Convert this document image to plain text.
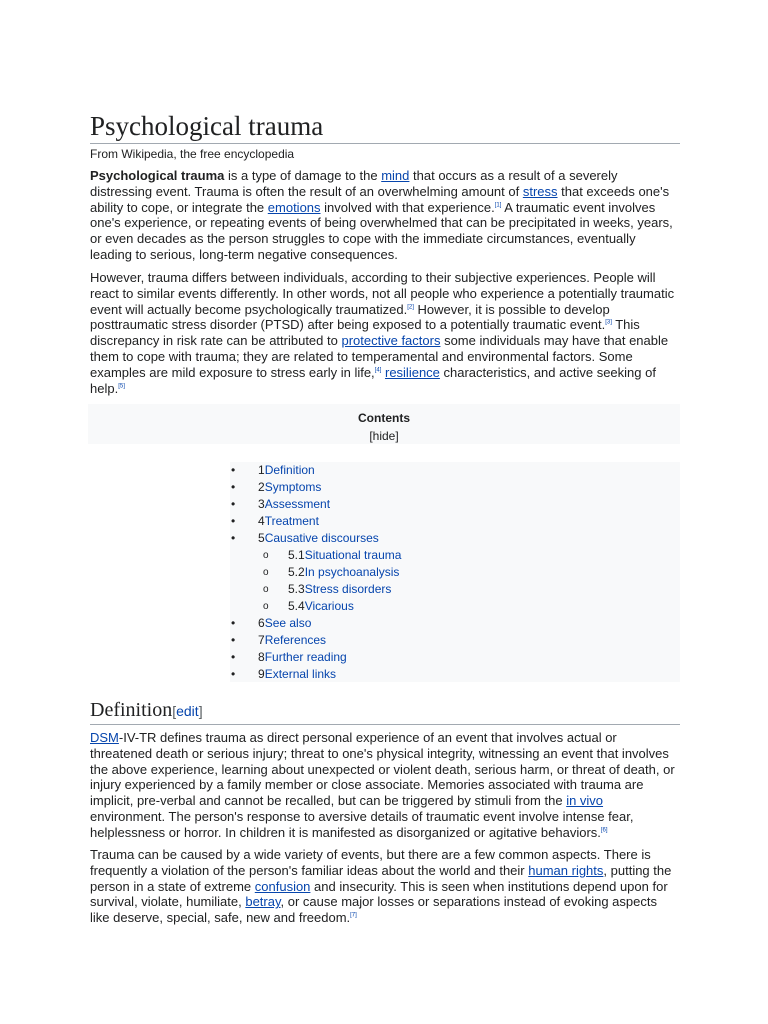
Psychological trauma
From Wikipedia, the free encyclopedia

Psychological trauma is a type of damage to the mind that occurs as a result of a severely distressing event. Trauma is often the result of an overwhelming amount of stress that exceeds one's ability to cope, or integrate the emotions involved with that experience.[1] A traumatic event involves one's experience, or repeating events of being overwhelmed that can be precipitated in weeks, years, or even decades as the person struggles to cope with the immediate circumstances, eventually leading to serious, long-term negative consequences.

However, trauma differs between individuals, according to their subjective experiences. People will react to similar events differently. In other words, not all people who experience a potentially traumatic event will actually become psychologically traumatized.[2] However, it is possible to develop posttraumatic stress disorder (PTSD) after being exposed to a potentially traumatic event.[3] This discrepancy in risk rate can be attributed to protective factors some individuals may have that enable them to cope with trauma; they are related to temperamental and environmental factors. Some examples are mild exposure to stress early in life,[4] resilience characteristics, and active seeking of help.[5]

Contents
[hide]
• 1Definition
• 2Symptoms
• 3Assessment
• 4Treatment
• 5Causative discourses
o 5.1Situational trauma
o 5.2In psychoanalysis
o 5.3Stress disorders
o 5.4Vicarious
• 6See also
• 7References
• 8Further reading
• 9External links
Definition[edit]

DSM-IV-TR defines trauma as direct personal experience of an event that involves actual or threatened death or serious injury; threat to one's physical integrity, witnessing an event that involves the above experience, learning about unexpected or violent death, serious harm, or threat of death, or injury experienced by a family member or close associate. Memories associated with trauma are implicit, pre-verbal and cannot be recalled, but can be triggered by stimuli from the in vivo environment. The person's response to aversive details of traumatic event involve intense fear, helplessness or horror. In children it is manifested as disorganized or agitative behaviors.[6]

Trauma can be caused by a wide variety of events, but there are a few common aspects. There is frequently a violation of the person's familiar ideas about the world and their human rights, putting the person in a state of extreme confusion and insecurity. This is seen when institutions depend upon for survival, violate, humiliate, betray, or cause major losses or separations instead of evoking aspects like deserve, special, safe, new and freedom.[7]
